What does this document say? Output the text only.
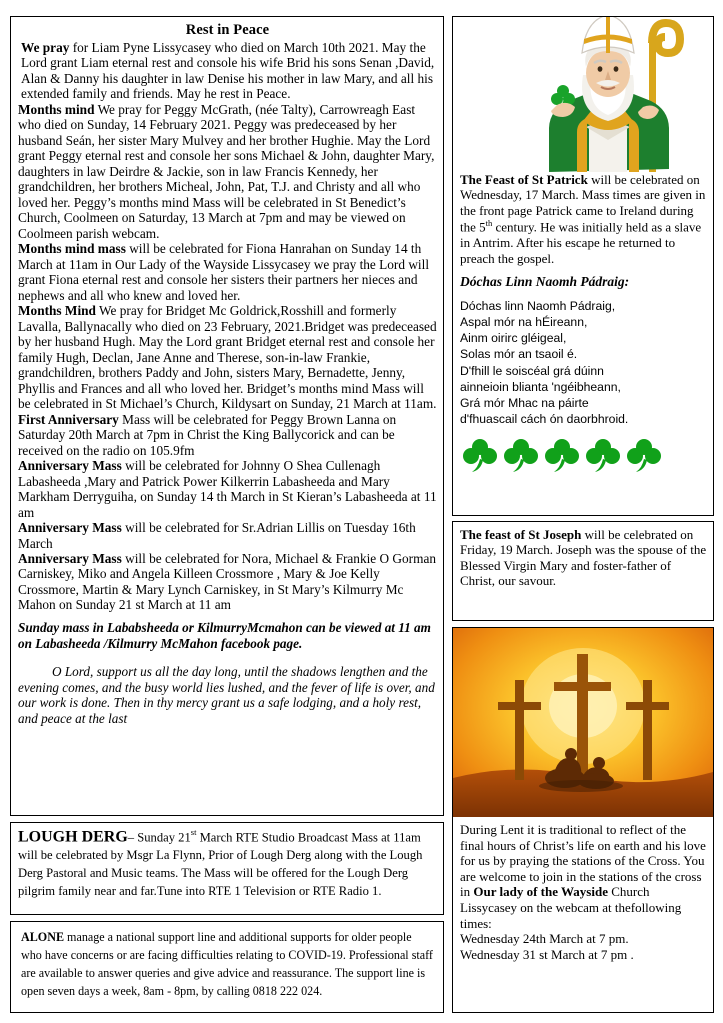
Rest in Peace

We pray for Liam Pyne Lissycasey who died on March 10th 2021. May the Lord grant Liam eternal rest and console his wife Brid his sons Senan ,David, Alan & Danny his daughter in law Denise his mother in law Mary, and all his extended family and friends. May he rest in Peace.

Months mind We pray for Peggy McGrath, (née Talty), Carrowreagh East who died on Sunday, 14 February 2021. Peggy was predeceased by her husband Seán, her sister Mary Mulvey and her brother Hughie. May the Lord grant Peggy eternal rest and console her sons Michael & John, daughter Mary, daughters in law Deirdre & Jackie, son in law Francis Kennedy, her grandchildren, her brothers Micheal, John, Pat, T.J. and Christy and all who loved her. Peggy’s months mind Mass will be celebrated in St Benedict’s Church, Coolmeen on Saturday, 13 March at 7pm and may be viewed on Coolmeen parish webcam.

Months mind mass will be celebrated for Fiona Hanrahan on Sunday 14 th March at 11am in Our Lady of the Wayside Lissycasey we pray the Lord will grant Fiona eternal rest and console her sisters their partners her nieces and nephews and all who knew and loved her.

Months Mind We pray for Bridget Mc Goldrick,Rosshill and formerly Lavalla, Ballynacally who died on 23 February, 2021.Bridget was predeceased by her husband Hugh. May the Lord grant Bridget eternal rest and console her family Hugh, Declan, Jane Anne and Therese, son-in-law Frankie, grandchildren, brothers Paddy and John, sisters Mary, Bernadette, Jenny, Phyllis and Frances and all who loved her. Bridget’s months mind Mass will be celebrated in St Michael’s Church, Kildysart on Sunday, 21 March at 11am.

First Anniversary Mass will be celebrated for Peggy Brown Lanna on Saturday 20th March at 7pm in Christ the King Ballycorick and can be received on the radio on 105.9fm

Anniversary Mass will be celebrated for Johnny O Shea Cullenagh Labasheeda ,Mary and Patrick Power Kilkerrin Labasheeda and Mary Markham Derryguiha, on Sunday 14 th March in St Kieran’s Labasheeda at 11 am

Anniversary Mass will be celebrated for Sr.Adrian Lillis on Tuesday 16th March

Anniversary Mass will be celebrated for Nora, Michael & Frankie O Gorman Carniskey, Miko and Angela Killeen Crossmore , Mary & Joe Kelly Crossmore, Martin & Mary Lynch Carniskey, in St Mary’s Kilmurry Mc Mahon on Sunday 21 st March at 11 am

Sunday mass in Lababsheeda or KilmurryMcmahon can be viewed at 11 am on Labasheeda /Kilmurry McMahon facebook page.

O Lord, support us all the day long, until the shadows lengthen and the evening comes, and the busy world lies lushed, and the fever of life is over, and our work is done. Then in thy mercy grant us a safe lodging, and a holy rest, and peace at the last

LOUGH DERG– Sunday 21st March RTE Studio Broadcast Mass at 11am will be celebrated by Msgr La Flynn, Prior of Lough Derg along with the Lough Derg Pastoral and Music teams. The Mass will be offered for the Lough Derg pilgrim family near and far.Tune into RTE 1 Television or RTE Radio 1.
ALONE manage a national support line and additional supports for older people who have concerns or are facing difficulties relating to COVID-19. Professional staff are available to answer queries and give advice and reassurance. The support line is open seven days a week, 8am - 8pm, by calling 0818 222 024.
The Feast of St Patrick will be celebrated on Wednesday, 17 March. Mass times are given in the front page Patrick came to Ireland during the 5th century. He was initially held as a slave in Antrim. After his escape he returned to preach the gospel.
Dóchas Linn Naomh Pádraig:
Dóchas linn Naomh Pádraig,
Aspal mór na hÉireann,
Ainm oirirc gléigeal,
Solas mór an tsaoil é.
D'fhill le soiscéal grá dúinn
ainneioin blianta 'ngéibheann,
Grá mór Mhac na páirte
d'fhuascail cách ón daorbhroid.
The feast of St Joseph will be celebrated on Friday, 19 March. Joseph was the spouse of the Blessed Virgin Mary and foster-father of Christ, our savour.
During Lent it is traditional to reflect of the final hours of Christ’s life on earth and his love for us by praying the stations of the Cross. You are welcome to join in the stations of the cross in Our lady of the Wayside Church Lissycasey on the webcam at thefollowing times:
Wednesday 24th March at 7 pm.
Wednesday 31 st March at 7 pm .
